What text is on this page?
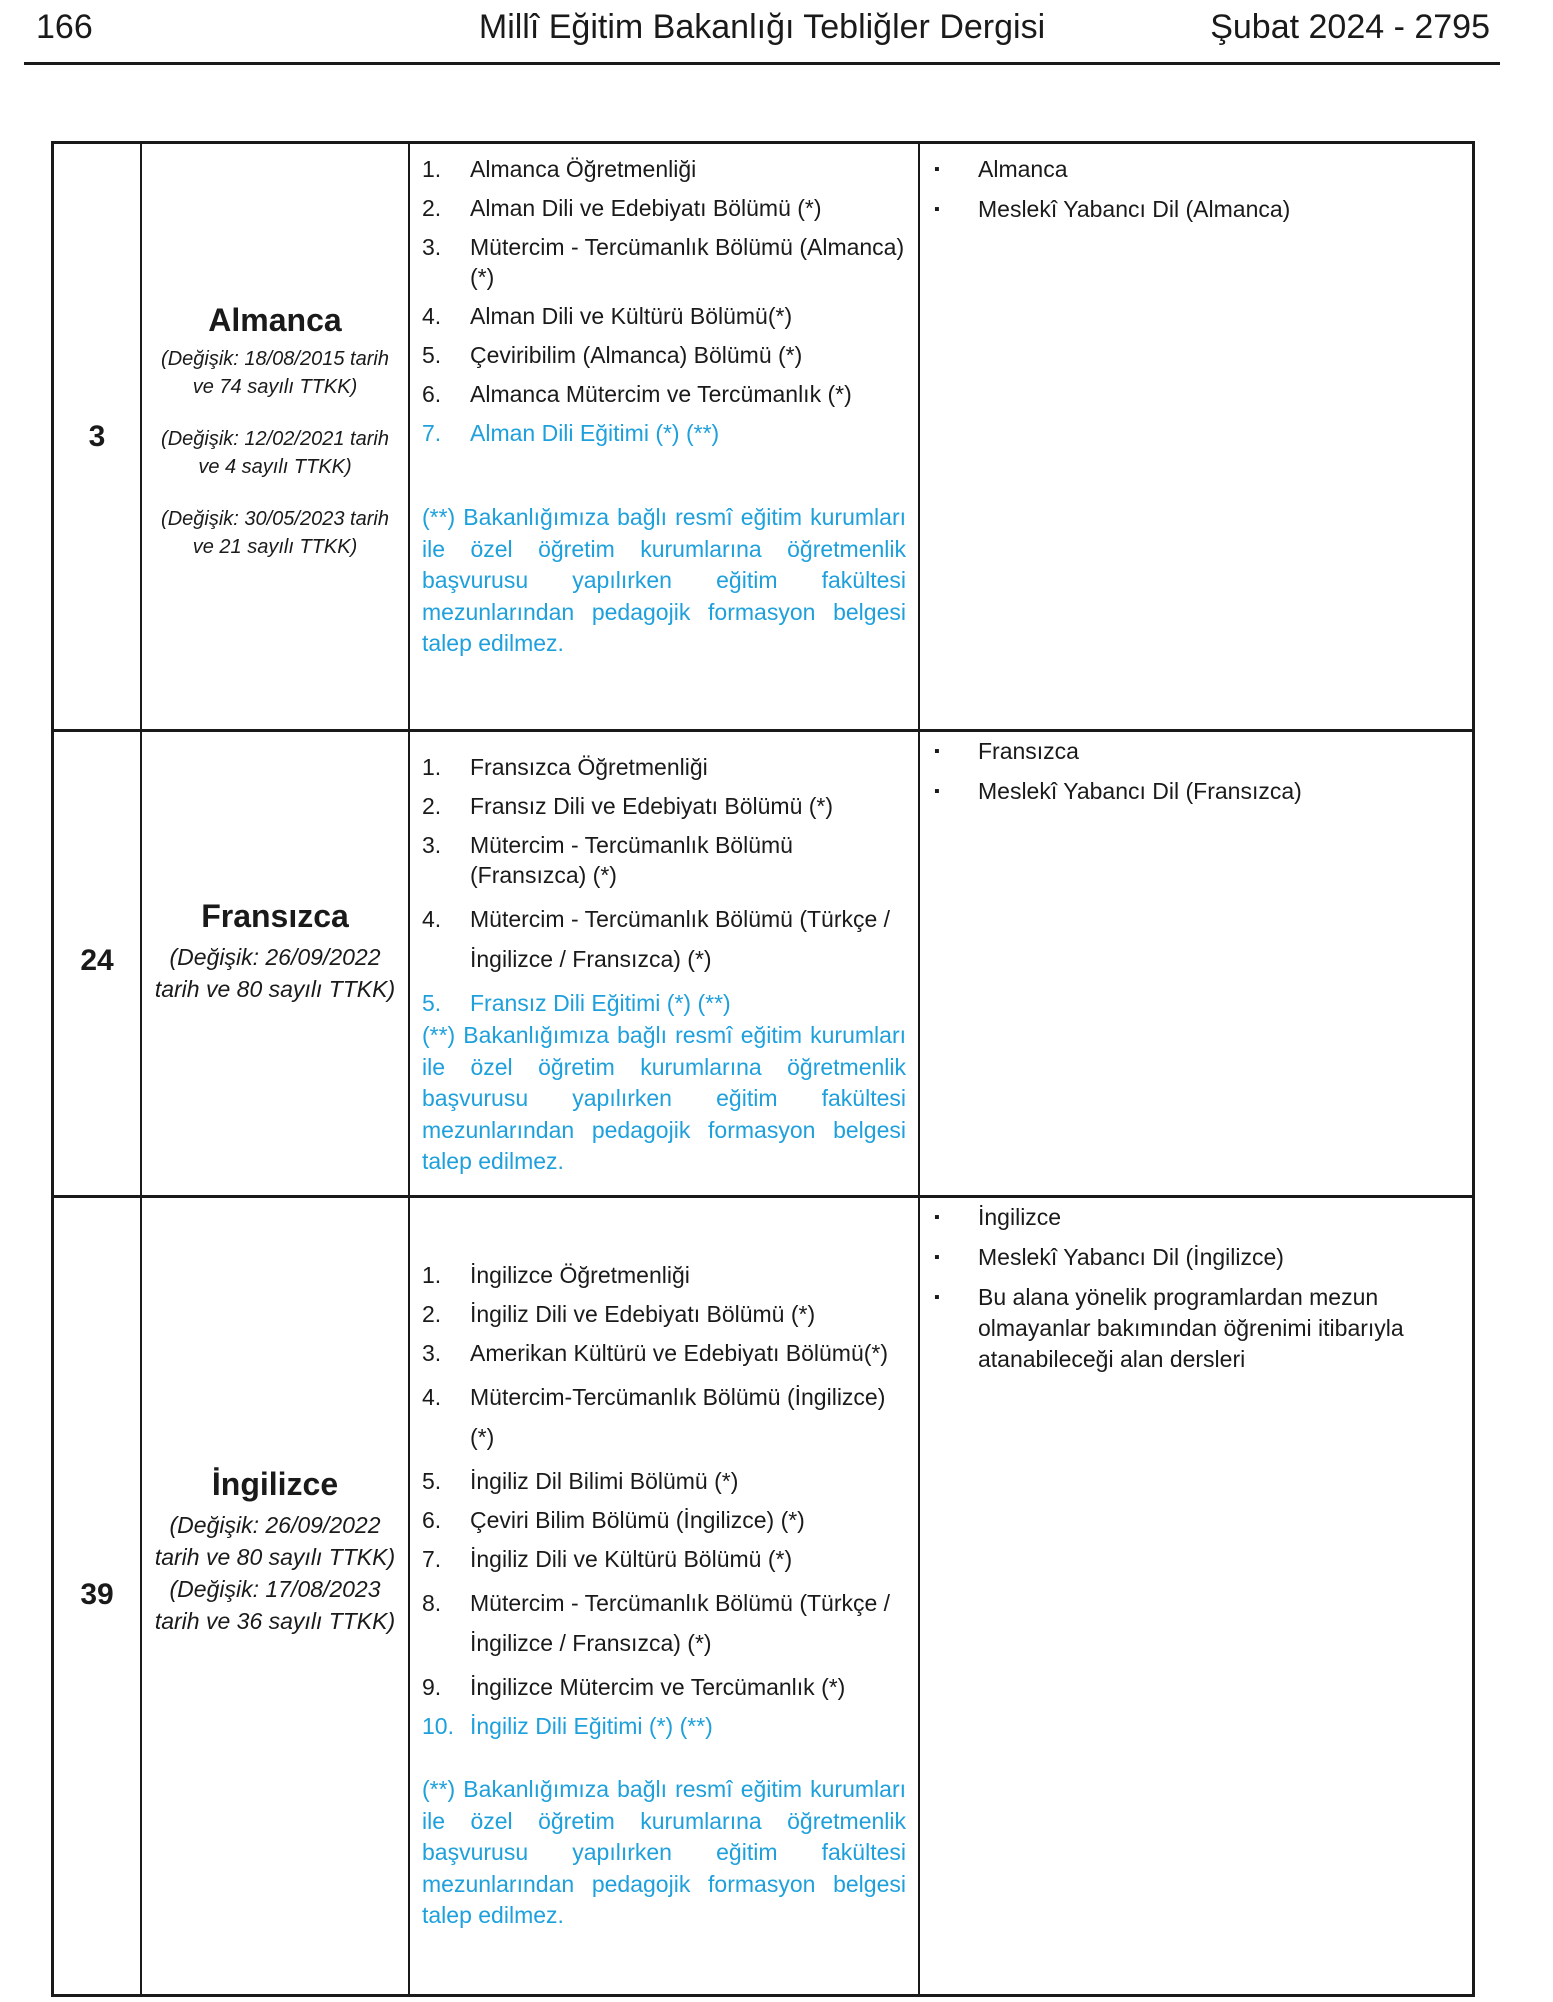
166	Millî Eğitim Bakanlığı Tebliğler Dergisi	Şubat 2024 - 2795
3
Almanca
(Değişik: 18/08/2015 tarih ve 74 sayılı TTKK)
(Değişik: 12/02/2021 tarih ve 4 sayılı TTKK)
(Değişik: 30/05/2023 tarih ve 21 sayılı TTKK)
1. Almanca Öğretmenliği
2. Alman Dili ve Edebiyatı Bölümü (*)
3. Mütercim - Tercümanlık Bölümü (Almanca) (*)
4. Alman Dili ve Kültürü Bölümü(*)
5. Çeviribilim (Almanca) Bölümü (*)
6. Almanca Mütercim ve Tercümanlık (*)
7. Alman Dili Eğitimi (*) (**)
(**) Bakanlığımıza bağlı resmî eğitim kurumları ile özel öğretim kurumlarına öğretmenlik başvurusu yapılırken eğitim fakültesi mezunlarından pedagojik formasyon belgesi talep edilmez.
▪ Almanca
▪ Meslekî Yabancı Dil (Almanca)
24
Fransızca
(Değişik: 26/09/2022 tarih ve 80 sayılı TTKK)
1. Fransızca Öğretmenliği
2. Fransız Dili ve Edebiyatı Bölümü (*)
3. Mütercim - Tercümanlık Bölümü (Fransızca) (*)
4. Mütercim - Tercümanlık Bölümü (Türkçe / İngilizce / Fransızca) (*)
5. Fransız Dili Eğitimi (*) (**)
(**) Bakanlığımıza bağlı resmî eğitim kurumları ile özel öğretim kurumlarına öğretmenlik başvurusu yapılırken eğitim fakültesi mezunlarından pedagojik formasyon belgesi talep edilmez.
▪ Fransızca
▪ Meslekî Yabancı Dil (Fransızca)
39
İngilizce
(Değişik: 26/09/2022 tarih ve 80 sayılı TTKK)
(Değişik: 17/08/2023 tarih ve 36 sayılı TTKK)
1. İngilizce Öğretmenliği
2. İngiliz Dili ve Edebiyatı Bölümü (*)
3. Amerikan Kültürü ve Edebiyatı Bölümü(*)
4. Mütercim-Tercümanlık Bölümü (İngilizce) (*)
5. İngiliz Dil Bilimi Bölümü (*)
6. Çeviri Bilim Bölümü (İngilizce) (*)
7. İngiliz Dili ve Kültürü Bölümü (*)
8. Mütercim - Tercümanlık Bölümü (Türkçe / İngilizce / Fransızca) (*)
9. İngilizce Mütercim ve Tercümanlık (*)
10. İngiliz Dili Eğitimi (*) (**)
(**) Bakanlığımıza bağlı resmî eğitim kurumları ile özel öğretim kurumlarına öğretmenlik başvurusu yapılırken eğitim fakültesi mezunlarından pedagojik formasyon belgesi talep edilmez.
▪ İngilizce
▪ Meslekî Yabancı Dil (İngilizce)
▪ Bu alana yönelik programlardan mezun olmayanlar bakımından öğrenimi itibarıyla atanabileceği alan dersleri
